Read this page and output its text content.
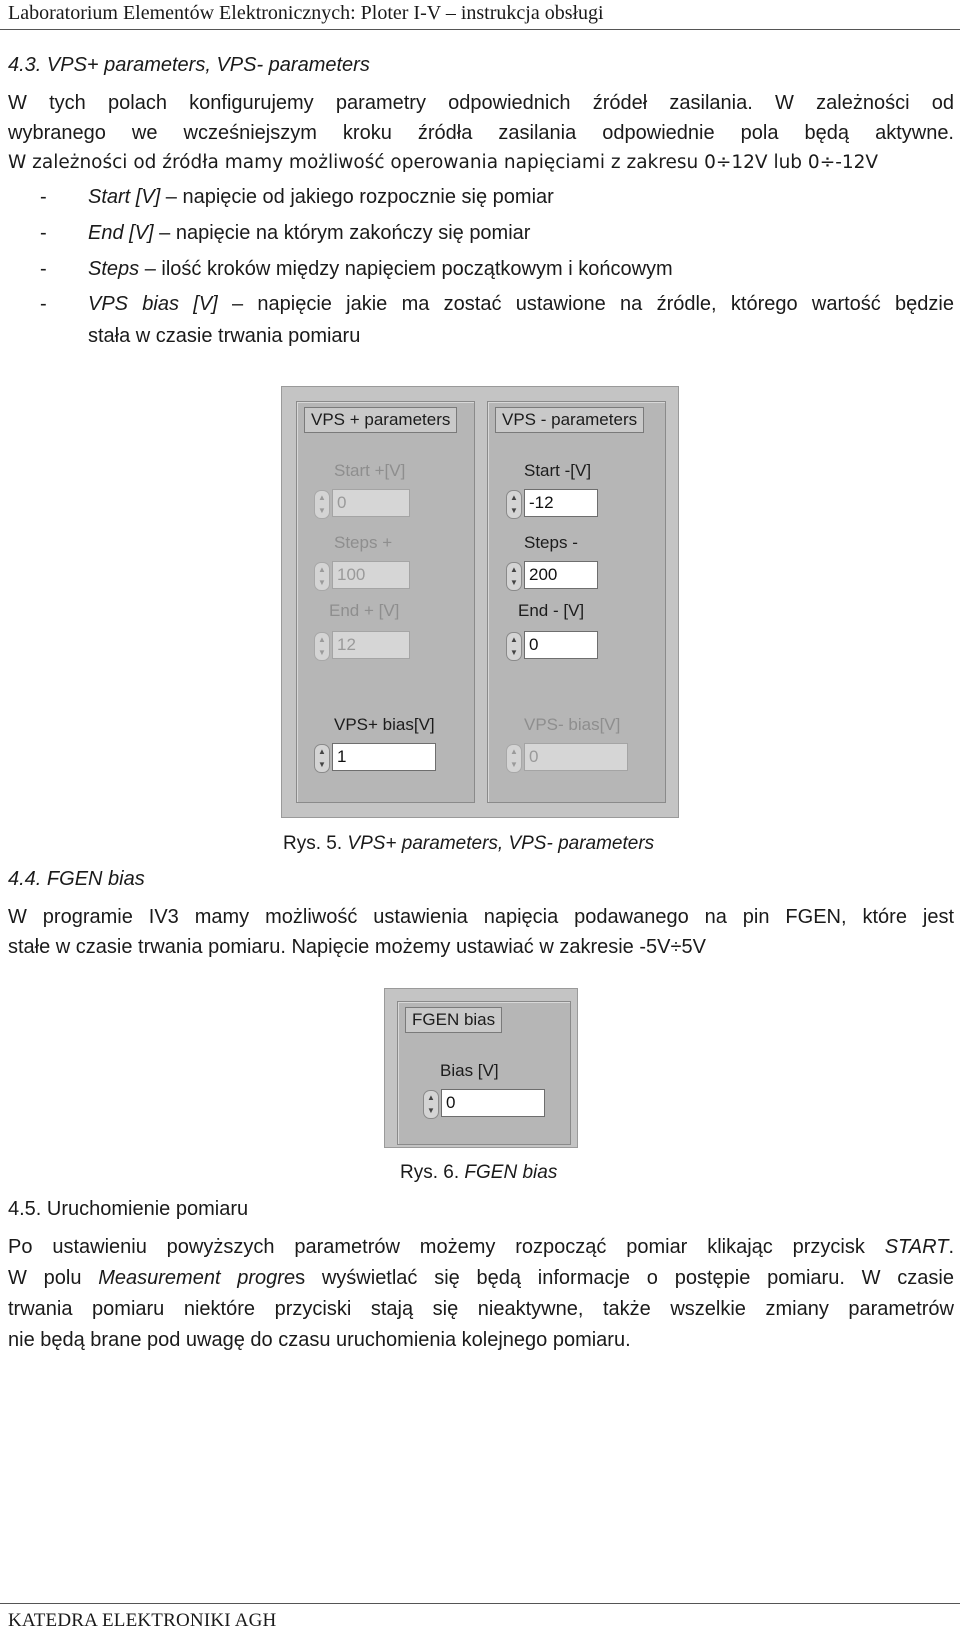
Laboratorium Elementów Elektronicznych: Ploter I-V – instrukcja obsługi
4.3. VPS+ parameters, VPS- parameters

W tych polach konfigurujemy parametry odpowiednich źródeł zasilania. W zależności od

wybranego we wcześniejszym kroku źródła zasilania odpowiednie pola będą aktywne.

W zależności od źródła mamy możliwość operowania napięciami z zakresu 0÷12V lub 0÷-12V

- Start [V] – napięcie od jakiego rozpocznie się pomiar
- End [V] – napięcie na którym zakończy się pomiar
- Steps – ilość kroków między napięciem początkowym i końcowym
- VPS bias [V] – napięcie jakie ma zostać ustawione na źródle, którego wartość będzie
stała w czasie trwania pomiaru
VPS + parameters
Start +[V]
▲
▼ 0
Steps +
▲
▼ 100
End + [V]
▲
▼ 12
VPS+ bias[V]
▲
▼ 1
VPS - parameters
Start -[V]
▲
▼ -12
Steps -
▲
▼ 200
End - [V]
▲
▼ 0
VPS- bias[V]
▲
▼ 0
Rys. 5. VPS+ parameters, VPS- parameters
4.4. FGEN bias

W programie IV3 mamy możliwość ustawienia napięcia podawanego na pin FGEN, które jest

stałe w czasie trwania pomiaru. Napięcie możemy ustawiać w zakresie -5V÷5V

FGEN bias
Bias [V]
▲
▼ 0
Rys. 6. FGEN bias
4.5. Uruchomienie pomiaru

Po ustawieniu powyższych parametrów możemy rozpocząć pomiar klikając przycisk START.

W polu Measurement progres wyświetlać się będą informacje o postępie pomiaru. W czasie

trwania pomiaru niektóre przyciski stają się nieaktywne, także wszelkie zmiany parametrów

nie będą brane pod uwagę do czasu uruchomienia kolejnego pomiaru.

KATEDRA ELEKTRONIKI AGH
